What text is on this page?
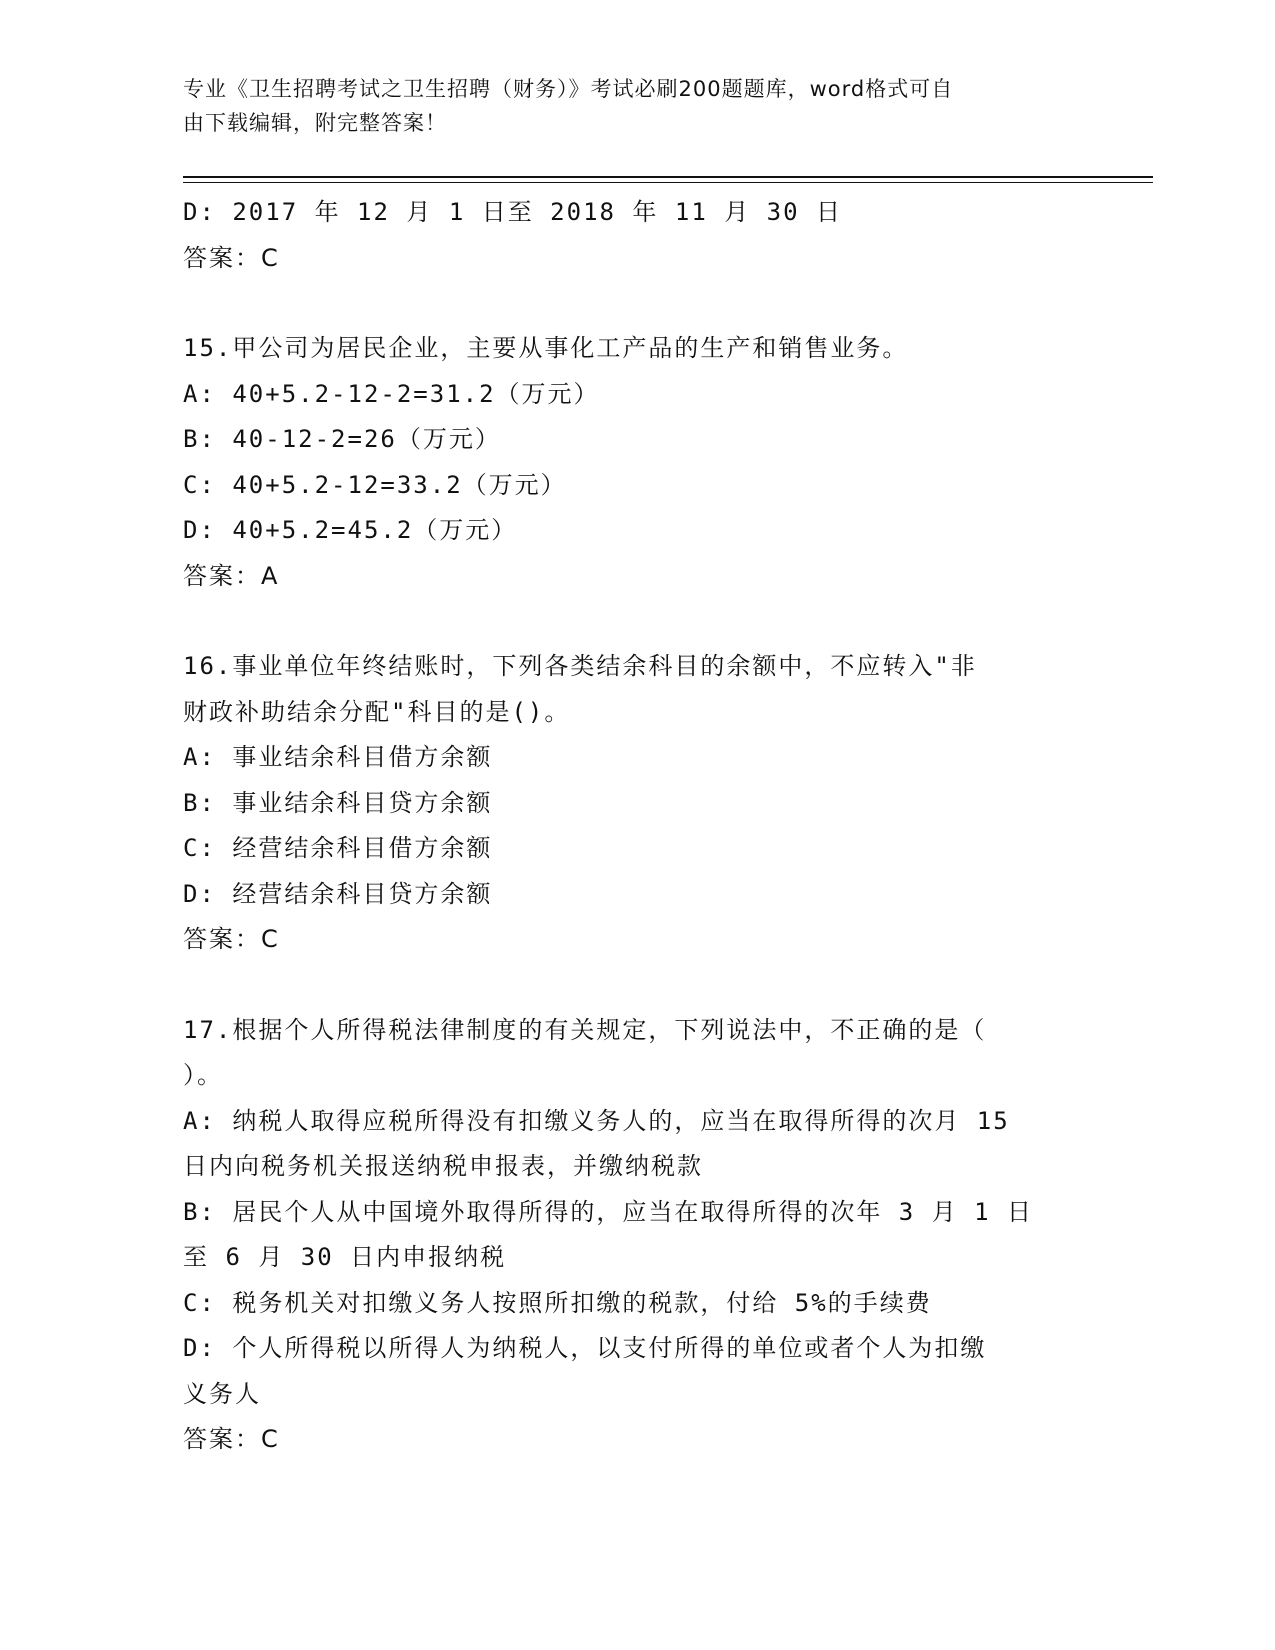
专业《卫生招聘考试之卫生招聘（财务）》考试必刷200题题库，word格式可自
由下载编辑，附完整答案！
D: 2017 年 12 月 1 日至 2018 年 11 月 30 日
答案：C
15.甲公司为居民企业，主要从事化工产品的生产和销售业务。
A: 40+5.2-12-2=31.2（万元）
B: 40-12-2=26（万元）
C: 40+5.2-12=33.2（万元）
D: 40+5.2=45.2（万元）
答案：A
16.事业单位年终结账时，下列各类结余科目的余额中，不应转入"非
财政补助结余分配"科目的是()。
A: 事业结余科目借方余额
B: 事业结余科目贷方余额
C: 经营结余科目借方余额
D: 经营结余科目贷方余额
答案：C
17.根据个人所得税法律制度的有关规定，下列说法中，不正确的是（
）。
A: 纳税人取得应税所得没有扣缴义务人的，应当在取得所得的次月 15
日内向税务机关报送纳税申报表，并缴纳税款
B: 居民个人从中国境外取得所得的，应当在取得所得的次年 3 月 1 日
至 6 月 30 日内申报纳税
C: 税务机关对扣缴义务人按照所扣缴的税款，付给 5%的手续费
D: 个人所得税以所得人为纳税人，以支付所得的单位或者个人为扣缴
义务人
答案：C
